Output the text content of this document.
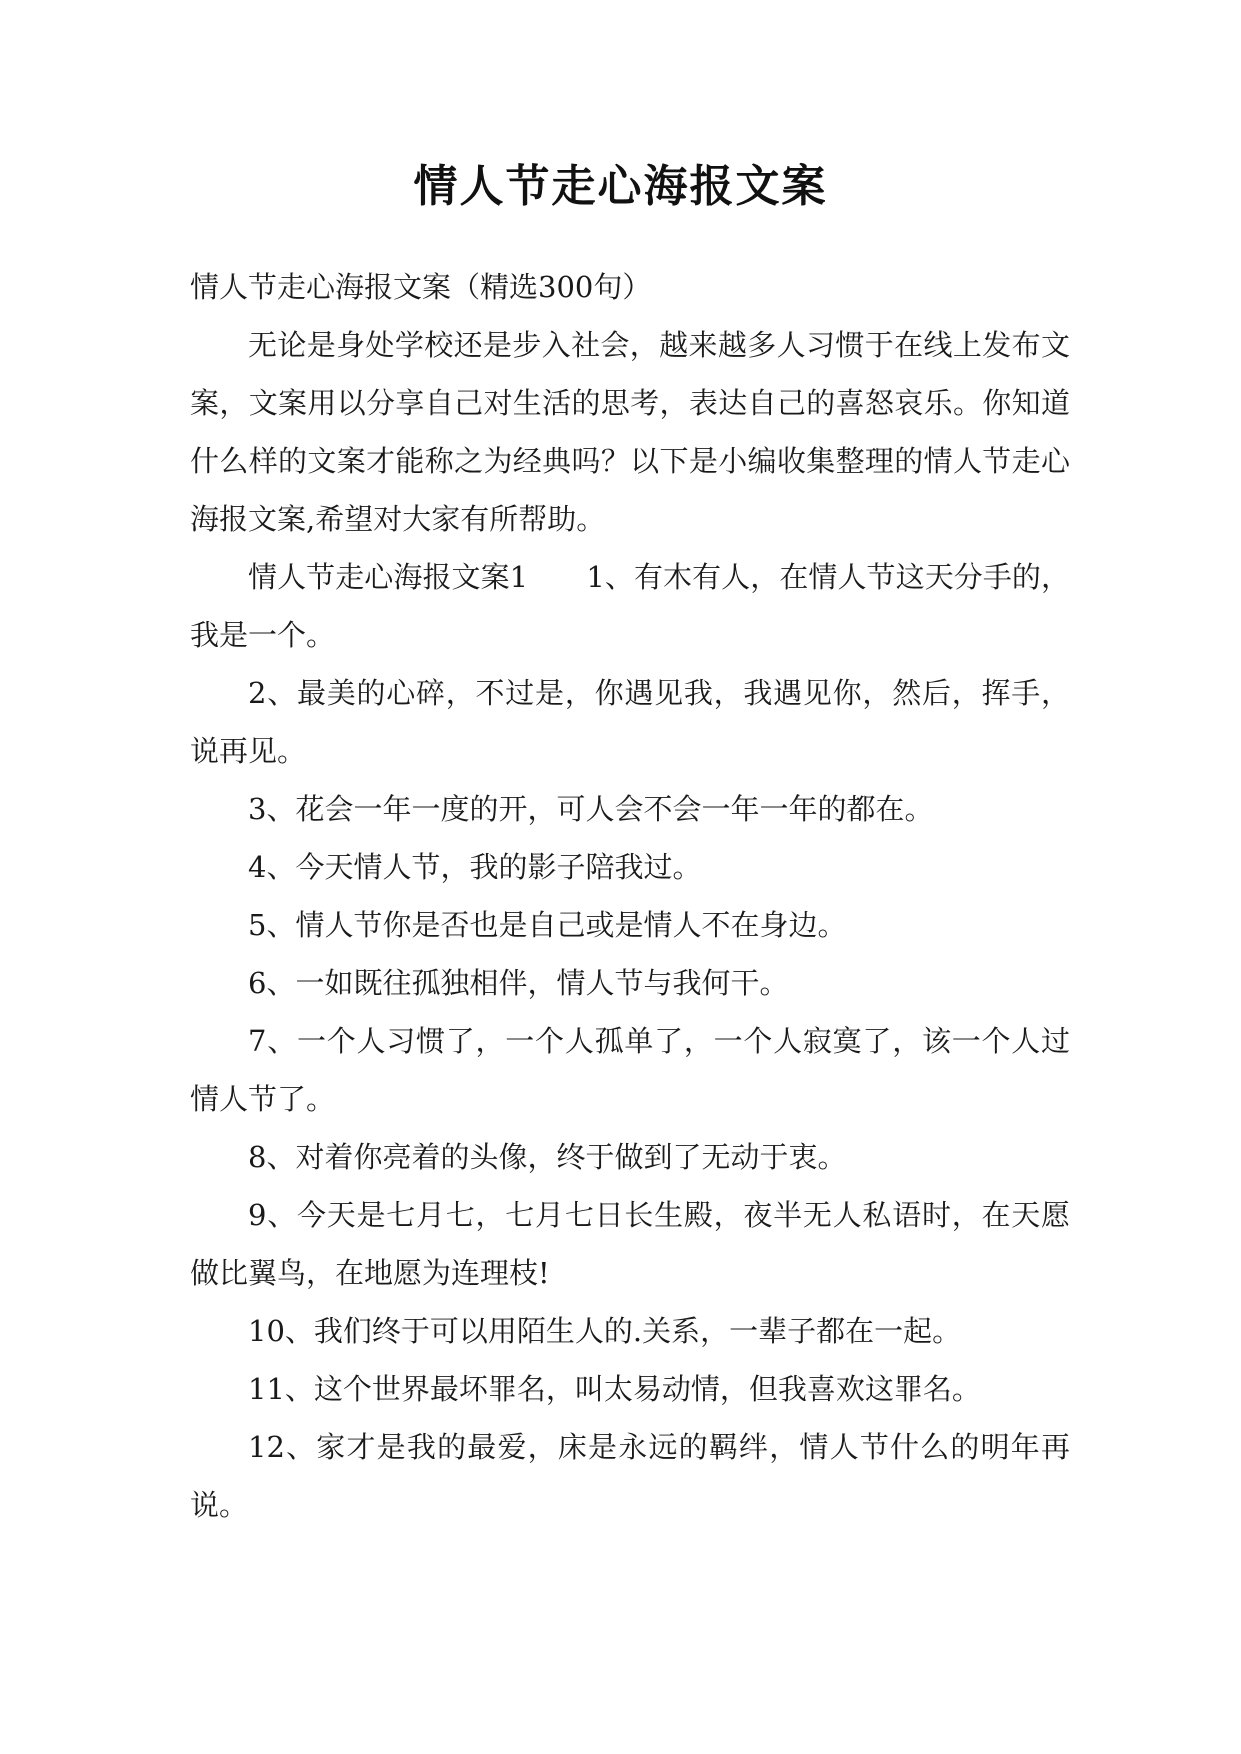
情人节走心海报文案

情人节走心海报文案（精选300句）

无论是身处学校还是步入社会，越来越多人习惯于在线上发布文案，文案用以分享自己对生活的思考，表达自己的喜怒哀乐。你知道什么样的文案才能称之为经典吗？以下是小编收集整理的情人节走心海报文案,希望对大家有所帮助。

情人节走心海报文案1　　1、有木有人，在情人节这天分手的，我是一个。

2、最美的心碎，不过是，你遇见我，我遇见你，然后，挥手，说再见。

3、花会一年一度的开，可人会不会一年一年的都在。

4、今天情人节，我的影子陪我过。

5、情人节你是否也是自己或是情人不在身边。

6、一如既往孤独相伴，情人节与我何干。

7、一个人习惯了，一个人孤单了，一个人寂寞了，该一个人过情人节了。

8、对着你亮着的头像，终于做到了无动于衷。

9、今天是七月七，七月七日长生殿，夜半无人私语时，在天愿做比翼鸟，在地愿为连理枝!

10、我们终于可以用陌生人的.关系，一辈子都在一起。

11、这个世界最坏罪名，叫太易动情，但我喜欢这罪名。

12、家才是我的最爱，床是永远的羁绊，情人节什么的明年再说。
